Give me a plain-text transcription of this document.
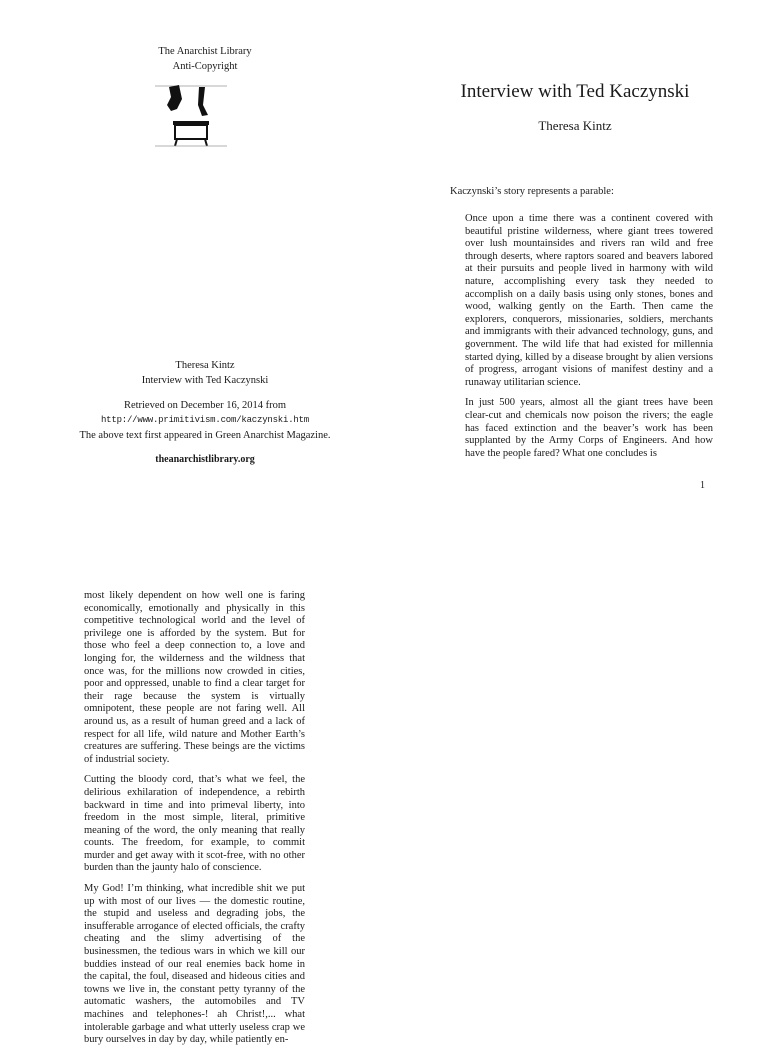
The Anarchist Library
Anti-Copyright
Theresa Kintz
Interview with Ted Kaczynski
Retrieved on December 16, 2014 from
http://www.primitivism.com/kaczynski.htm
The above text first appeared in Green Anarchist Magazine.
theanarchistlibrary.org
Interview with Ted Kaczynski
Theresa Kintz
Kaczynski’s story represents a parable:

Once upon a time there was a continent covered with beautiful pristine wilderness, where giant trees towered over lush mountainsides and rivers ran wild and free through deserts, where raptors soared and beavers labored at their pursuits and people lived in harmony with wild nature, accomplishing every task they needed to accomplish on a daily basis using only stones, bones and wood, walking gently on the Earth. Then came the explorers, conquerors, missionaries, soldiers, merchants and immigrants with their advanced technology, guns, and government. The wild life that had existed for millennia started dying, killed by a disease brought by alien versions of progress, arrogant visions of manifest destiny and a runaway utilitarian science.

In just 500 years, almost all the giant trees have been clear-cut and chemicals now poison the rivers; the eagle has faced extinction and the beaver’s work has been supplanted by the Army Corps of Engineers. And how have the people fared? What one concludes is

1

most likely dependent on how well one is faring economically, emotionally and physically in this competitive technological world and the level of privilege one is afforded by the system. But for those who feel a deep connection to, a love and longing for, the wilderness and the wildness that once was, for the millions now crowded in cities, poor and oppressed, unable to find a clear target for their rage because the system is virtually omnipotent, these people are not faring well. All around us, as a result of human greed and a lack of respect for all life, wild nature and Mother Earth’s creatures are suffering. These beings are the victims of industrial society.

Cutting the bloody cord, that’s what we feel, the delirious exhilaration of independence, a rebirth backward in time and into primeval liberty, into freedom in the most simple, literal, primitive meaning of the word, the only meaning that really counts. The freedom, for example, to commit murder and get away with it scot-free, with no other burden than the jaunty halo of conscience.

My God! I’m thinking, what incredible shit we put up with most of our lives — the domestic routine, the stupid and useless and degrading jobs, the insufferable arrogance of elected officials, the crafty cheating and the slimy advertising of the businessmen, the tedious wars in which we kill our buddies instead of our real enemies back home in the capital, the foul, diseased and hideous cities and towns we live in, the constant petty tyranny of the automatic washers, the automobiles and TV machines and telephones-! ah Christ!,... what intolerable garbage and what utterly useless crap we bury ourselves in day by day, while patiently en-
